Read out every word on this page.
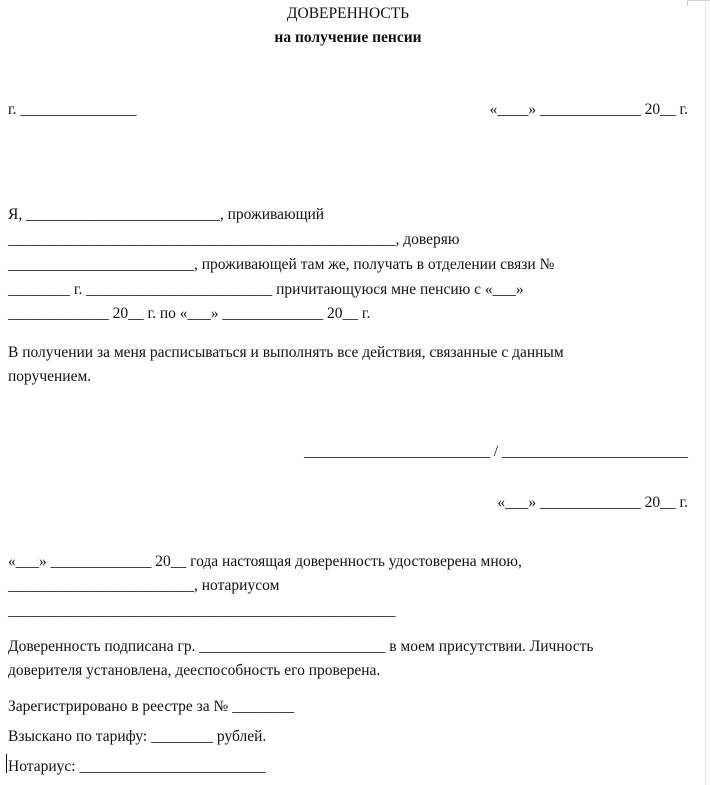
ДОВЕРЕННОСТЬ
на получение пенсии
г. _______________	«____» _____________ 20__ г.
Я, _________________________, проживающий
__________________________________________________, доверяю
________________________, проживающей там же, получать в отделении связи №
________ г. ________________________ причитающуюся мне пенсию с «___»
_____________ 20__ г. по «___» _____________ 20__ г.
В получении за меня расписываться и выполнять все действия, связанные с данным
поручением.
________________________ / ________________________
«___» _____________ 20__ г.
«___» _____________ 20__ года настоящая доверенность удостоверена мною,
________________________, нотариусом
__________________________________________________
Доверенность подписана гр. ________________________ в моем присутствии. Личность
доверителя установлена, дееспособность его проверена.
Зарегистрировано в реестре за № ________
Взыскано по тарифу: ________ рублей.
Нотариус: ________________________
